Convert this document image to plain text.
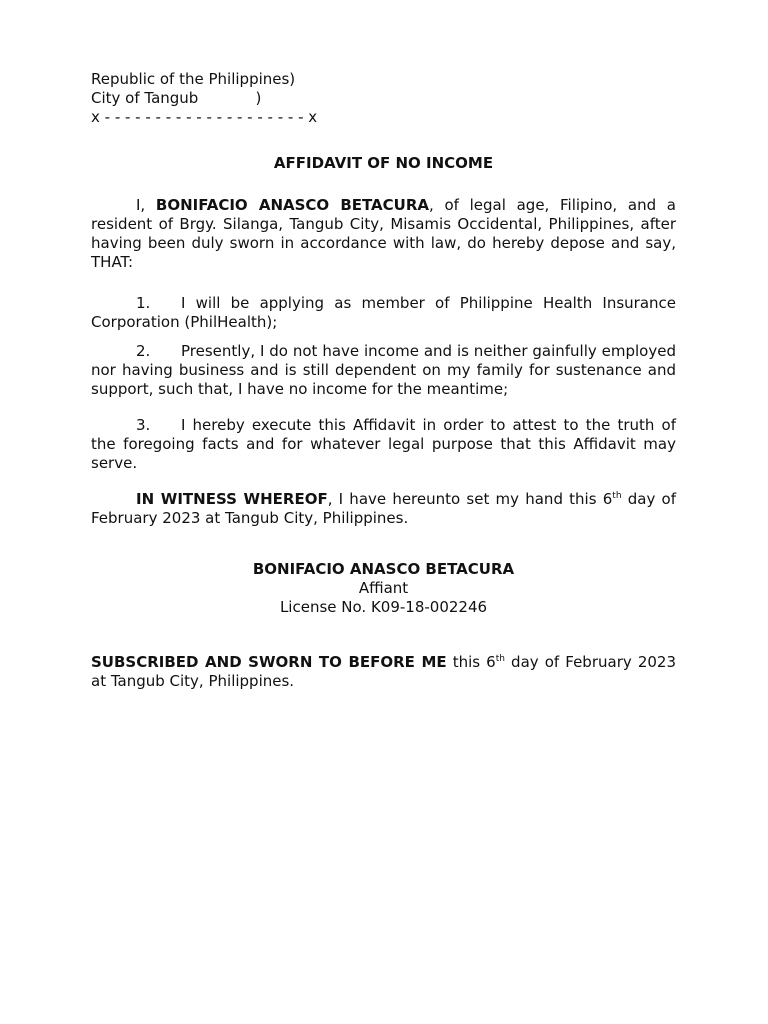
Republic of the Philippines)
City of Tangub            )
x - - - - - - - - - - - - - - - - - - - - x
AFFIDAVIT OF NO INCOME

I, BONIFACIO ANASCO BETACURA, of legal age, Filipino, and a resident of Brgy. Silanga, Tangub City, Misamis Occidental, Philippines, after having been duly sworn in accordance with law, do hereby depose and say, THAT:

1. I will be applying as member of Philippine Health Insurance Corporation (PhilHealth);

2. Presently, I do not have income and is neither gainfully employed nor having business and is still dependent on my family for sustenance and support, such that, I have no income for the meantime;

3. I hereby execute this Affidavit in order to attest to the truth of the foregoing facts and for whatever legal purpose that this Affidavit may serve.

IN WITNESS WHEREOF, I have hereunto set my hand this 6th day of February 2023 at Tangub City, Philippines.

BONIFACIO ANASCO BETACURA
Affiant
License No. K09-18-002246

SUBSCRIBED AND SWORN TO BEFORE ME this 6th day of February 2023 at Tangub City, Philippines.
